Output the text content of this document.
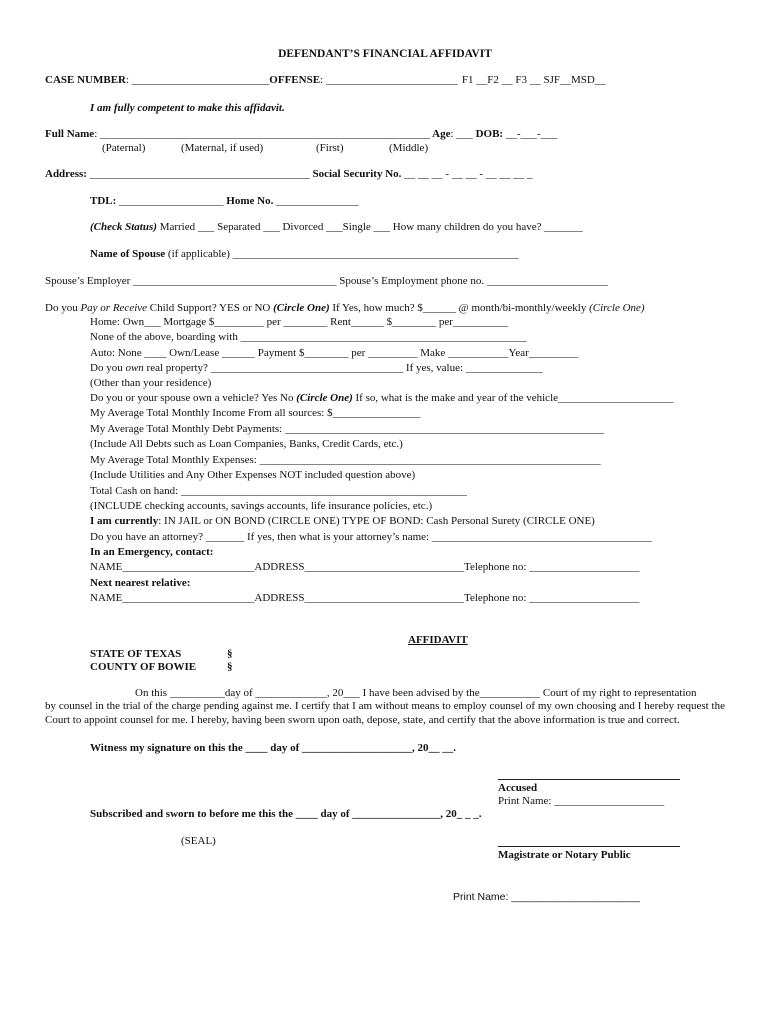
DEFENDANT’S FINANCIAL AFFIDAVIT
CASE NUMBER: _________________________OFFENSE: ________________________ F1 __F2 __ F3 __ SJF__MSD__
I am fully competent to make this affidavit.
Full Name: ____________________________________________________________ Age: ___ DOB: __-___-___
(Paternal)	(Maternal, if used)	(First)	(Middle)
Address: ________________________________________ Social Security No. __ __ __ - __ __ - __ __ __ _
TDL: ___________________ Home No. _______________
(Check Status) Married ___ Separated ___ Divorced ___Single ___ How many children do you have? _______
Name of Spouse (if applicable) ____________________________________________________
Spouse’s Employer _____________________________________ Spouse’s Employment phone no. ______________________
Do you Pay or Receive Child Support? YES or NO (Circle One) If Yes, how much? $______ @ month/bi-monthly/weekly (Circle One)
Home: Own___ Mortgage $_________ per ________ Rent______ $________ per__________
None of the above, boarding with ____________________________________________________
Auto: None ____ Own/Lease ______ Payment $________ per _________ Make ___________Year_________
Do you own real property? ___________________________________ If yes, value: ______________
(Other than your residence)
Do you or your spouse own a vehicle? Yes No (Circle One) If so, what is the make and year of the vehicle_____________________
My Average Total Monthly Income From all sources: $________________
My Average Total Monthly Debt Payments: __________________________________________________________
(Include All Debts such as Loan Companies, Banks, Credit Cards, etc.)
My Average Total Monthly Expenses: ______________________________________________________________
(Include Utilities and Any Other Expenses NOT included question above)
Total Cash on hand: ____________________________________________________
(INCLUDE checking accounts, savings accounts, life insurance policies, etc.)
I am currently: IN JAIL or ON BOND (CIRCLE ONE) TYPE OF BOND: Cash Personal Surety (CIRCLE ONE)
Do you have an attorney? _______ If yes, then what is your attorney’s name: ________________________________________
In an Emergency, contact:
NAME________________________ADDRESS_____________________________Telephone no: ____________________
Next nearest relative:
NAME________________________ADDRESS_____________________________Telephone no: ____________________
AFFIDAVIT
STATE OF TEXAS	§
COUNTY OF BOWIE	§
On this __________day of _____________, 20___ I have been advised by the___________ Court of my right to representation
by counsel in the trial of the charge pending against me. I certify that I am without means to employ counsel of my own choosing and I hereby request the Court to appoint counsel for me. I hereby, having been sworn upon oath, depose, state, and certify that the above information is true and correct.
Witness my signature on this the ____ day of ____________________, 20__ __.
Accused
Print Name: ____________________
Subscribed and sworn to before me this the ____ day of ________________, 20_ _ _.
(SEAL)
Magistrate or Notary Public
Print Name: ______________________
